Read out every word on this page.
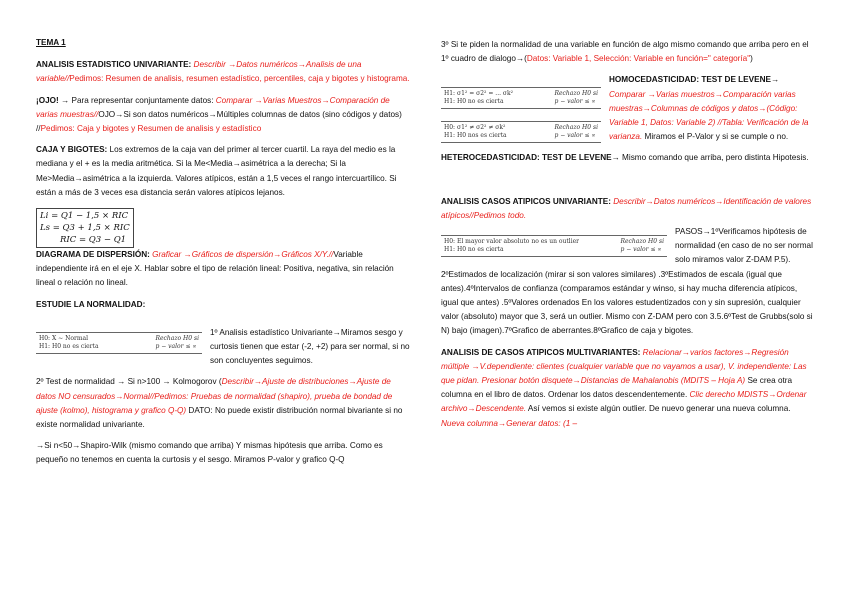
TEMA 1
ANALISIS ESTADISTICO UNIVARIANTE: Describir →Datos numéricos→Analisis de una variable//Pedimos: Resumen de analisis, resumen estadístico, percentiles, caja y bigotes y histograma.
¡OJO! → Para representar conjuntamente datos: Comparar →Varias Muestros→Comparación de varias muestras//OJO→Si son datos numéricos→Múltiples columnas de datos (sino códigos y datos) //Pedimos: Caja y bigotes y Resumen de analisis y estadístico
CAJA Y BIGOTES: Los extremos de la caja van del primer al tercer cuartil. La raya del medio es la mediana y el + es la media aritmética. Si la Me<Media→asimétrica a la derecha; Si la Me>Media→asimétrica a la izquierda. Valores atípicos, están a 1,5 veces el rango intercuartílico. Si están a más de 3 veces esa distancia serán valores atípicos lejanos.
Li = Q1 − 1,5 × RIC
Ls = Q3 + 1,5 × RIC
RIC = Q3 − Q1
DIAGRAMA DE DISPERSIÓN: Graficar →Gráficos de dispersión→Gráficos X/Y.//Variable independiente irá en el eje X. Hablar sobre el tipo de relación lineal: Positiva, negativa, sin relación lineal o relación no lineal.
ESTUDIE LA NORMALIDAD:
H0: X ∼ Normal
H1: H0 no es cierta
Rechazo H0 si
p − valor ≤ ∝
1º Analisis estadístico Univariante→Miramos sesgo y curtosis tienen que estar (-2, +2) para ser normal, si no son concluyentes seguimos.
2º Test de normalidad → Si n>100 → Kolmogorov (Describir→Ajuste de distribuciones→Ajuste de datos NO censurados→Normal//Pedimos: Pruebas de normalidad (shapiro), prueba de bondad de ajuste (kolmo), histograma y grafico Q-Q) DATO: No puede existir distribución normal bivariante si no existe normalidad univariante.
→Si n<50→Shapiro-Wilk (mismo comando que arriba) Y mismas hipótesis que arriba. Como es pequeño no tenemos en cuenta la curtosis y el sesgo. Miramos P-valor y grafico Q-Q
3º Si te piden la normalidad de una variable en función de algo mismo comando que arriba pero en el 1º cuadro de dialogo→(Datos: Variable 1, Selección: Variable en función=" categoría")
H1: σ1² = σ2² = ... σk²
H1: H0 no es cierta
Rechazo H0 si
p − valor ≤ ∝
H0: σ1² ≠ σ2² ≠ σk²
H1: H0 nos es cierta
Rechazo H0 si
p − valor ≤ ∝
HOMOCEDASTICIDAD: TEST DE LEVENE→ Comparar →Varias muestros→Comparación varias muestras→Columnas de códigos y datos→(Código: Variable 1, Datos: Variable 2) //Tabla: Verificación de la varianza. Miramos el P-Valor y si se cumple o no.
HETEROCEDASTICIDAD: TEST DE LEVENE→ Mismo comando que arriba, pero distinta Hipotesis.
ANALISIS CASOS ATIPICOS UNIVARIANTE: Describir→Datos numéricos→Identificación de valores atípicos//Pedimos todo.
H0: El mayor valor absoluto no es un outlier
H1: H0 no es cierta
Rechazo H0 si
p − valor ≤ ∝
PASOS→1ºVerificamos hipótesis de normalidad (en caso de no ser normal solo miramos valor Z-DAM P.5). 2ºEstimados de localización (mirar si son valores similares) .3ºEstimados de escala (igual que antes).4ºIntervalos de confianza (comparamos estándar y winso, si hay mucha diferencia atípicos, igual que antes) .5ºValores ordenados En los valores estudentizados con y sin supresión, cualquier valor (absoluto) mayor que 3, será un outlier. Mismo con Z-DAM pero con 3.5.6ºTest de Grubbs(solo si N) bajo (imagen).7ºGrafico de aberrantes.8ºGrafico de caja y bigotes.
ANALISIS DE CASOS ATIPICOS MULTIVARIANTES: Relacionar→varios factores→Regresión múltiple →V.dependiente: clientes (cualquier variable que no vayamos a usar), V. independiente: Las que pidan. Presionar botón disquete→Distancias de Mahalanobis (MDITS – Hoja A) Se crea otra columna en el libro de datos. Ordenar los datos descendentemente. Clic derecho MDISTS→Ordenar archivo→Descendente. Así vemos si existe algún outlier. De nuevo generar una nueva columna. Nueva columna→Generar datos: (1 –
